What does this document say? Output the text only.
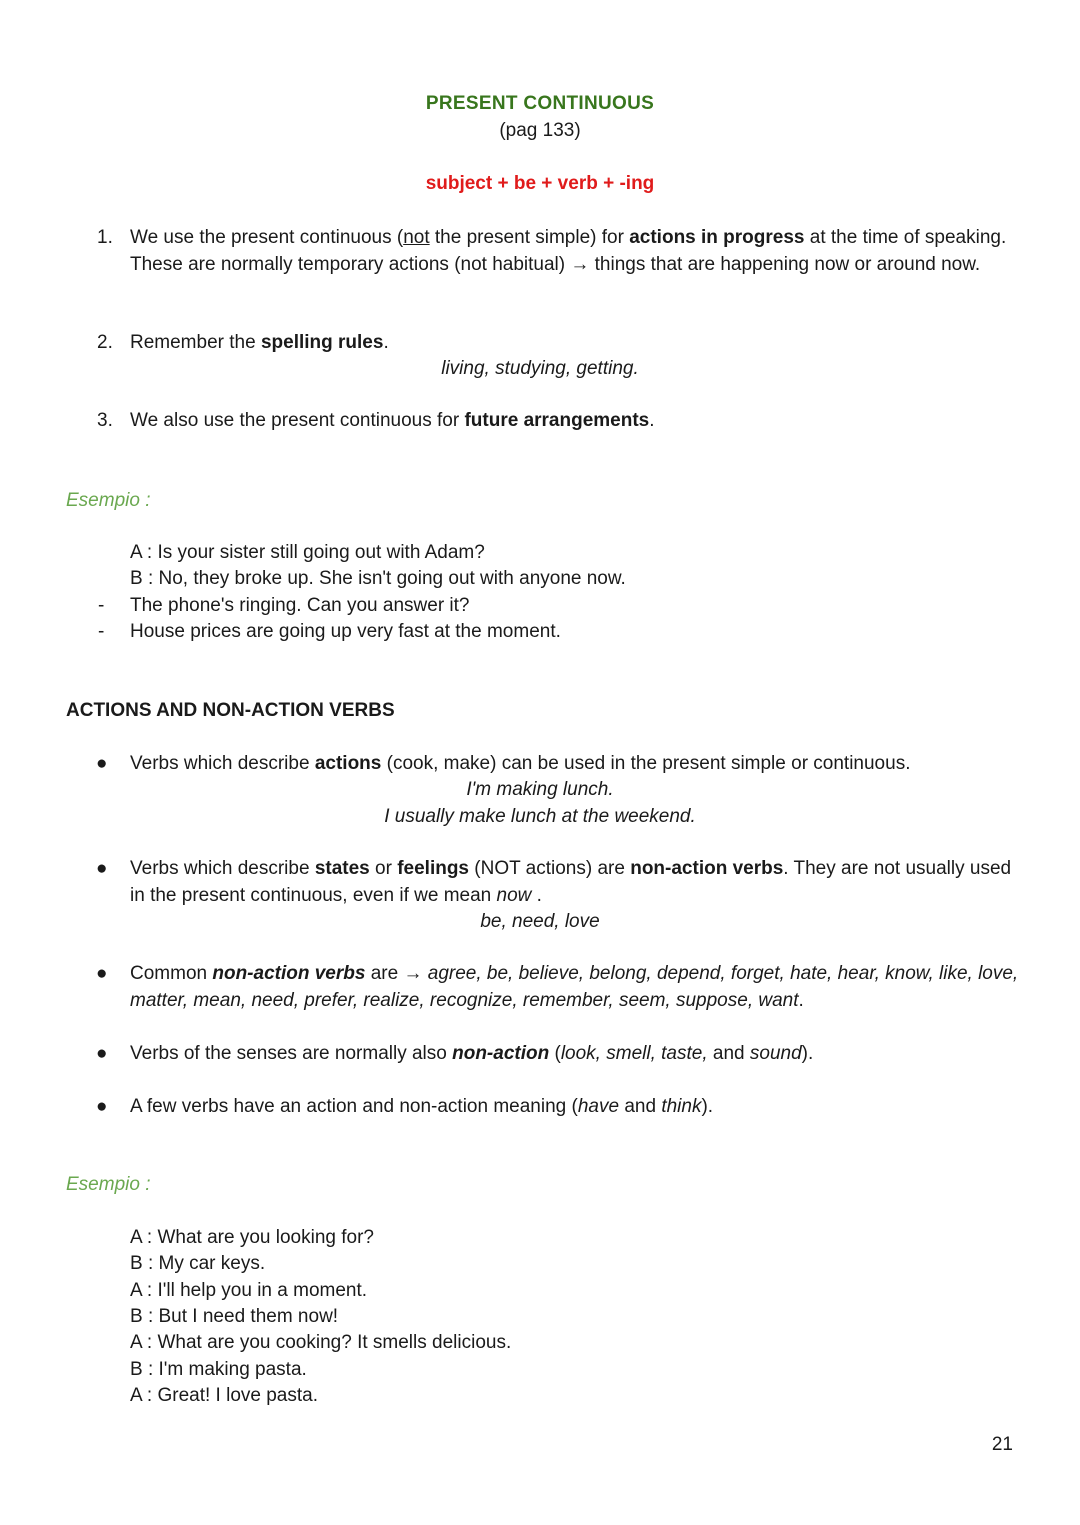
PRESENT CONTINUOUS
(pag 133)
subject + be + verb + -ing
1. We use the present continuous (not the present simple) for actions in progress at the time of speaking. These are normally temporary actions (not habitual) → things that are happening now or around now.
2. Remember the spelling rules.
living, studying, getting.
3. We also use the present continuous for future arrangements.
Esempio :
A : Is your sister still going out with Adam?
B : No, they broke up. She isn't going out with anyone now.
- The phone's ringing. Can you answer it?
- House prices are going up very fast at the moment.
ACTIONS AND NON-ACTION VERBS
● Verbs which describe actions (cook, make) can be used in the present simple or continuous.
I'm making lunch.
I usually make lunch at the weekend.
● Verbs which describe states or feelings (NOT actions) are non-action verbs. They are not usually used in the present continuous, even if we mean now .
be, need, love
● Common non-action verbs are → agree, be, believe, belong, depend, forget, hate, hear, know, like, love, matter, mean, need, prefer, realize, recognize, remember, seem, suppose, want.
● Verbs of the senses are normally also non-action (look, smell, taste, and sound).
● A few verbs have an action and non-action meaning (have and think).
Esempio :
A : What are you looking for?
B : My car keys.
A : I'll help you in a moment.
B : But I need them now!
A : What are you cooking? It smells delicious.
B : I'm making pasta.
A : Great! I love pasta.
21
